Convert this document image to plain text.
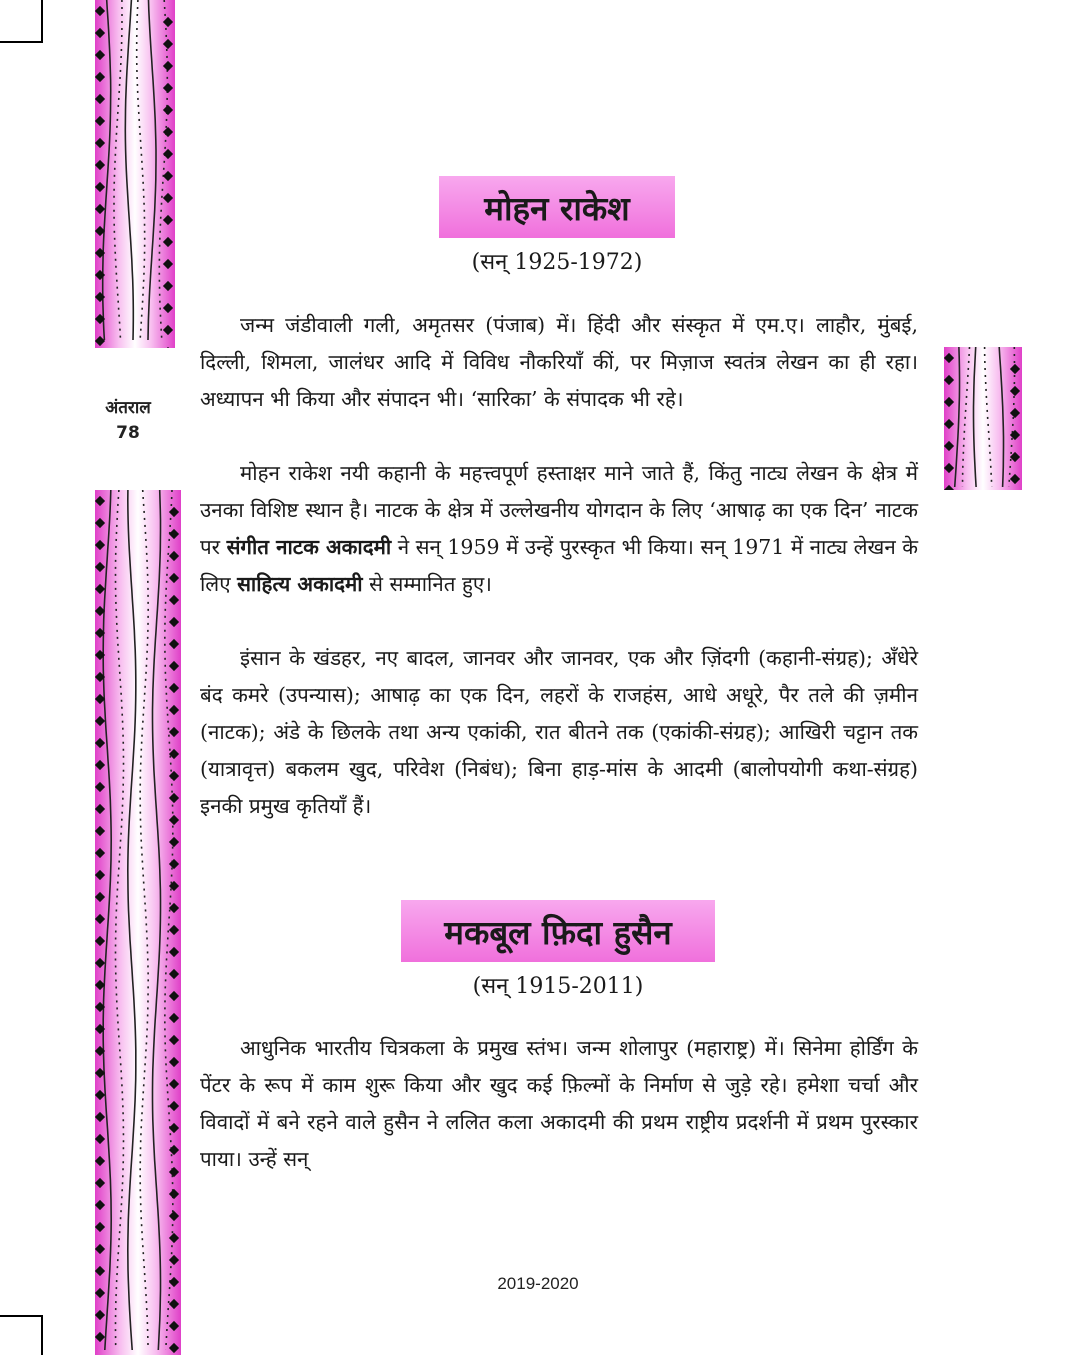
अंतराल
78
मोहन राकेश
(सन् 1925-1972)

जन्म जंडीवाली गली, अमृतसर (पंजाब) में। हिंदी और संस्कृत में एम.ए। लाहौर, मुंबई, दिल्ली, शिमला, जालंधर आदि में विविध नौकरियाँ कीं, पर मिज़ाज स्वतंत्र लेखन का ही रहा। अध्यापन भी किया और संपादन भी। ‘सारिका’ के संपादक भी रहे।

मोहन राकेश नयी कहानी के महत्त्वपूर्ण हस्ताक्षर माने जाते हैं, किंतु नाट्य लेखन के क्षेत्र में उनका विशिष्ट स्थान है। नाटक के क्षेत्र में उल्लेखनीय योगदान के लिए ‘आषाढ़ का एक दिन’ नाटक पर संगीत नाटक अकादमी ने सन् 1959 में उन्हें पुरस्कृत भी किया। सन् 1971 में नाट्य लेखन के लिए साहित्य अकादमी से सम्मानित हुए।

इंसान के खंडहर, नए बादल, जानवर और जानवर, एक और ज़िंदगी (कहानी-संग्रह); अँधेरे बंद कमरे (उपन्यास); आषाढ़ का एक दिन, लहरों के राजहंस, आधे अधूरे, पैर तले की ज़मीन (नाटक); अंडे के छिलके तथा अन्य एकांकी, रात बीतने तक (एकांकी-संग्रह); आखिरी चट्टान तक (यात्रावृत्त) बकलम खुद, परिवेश (निबंध); बिना हाड़-मांस के आदमी (बालोपयोगी कथा-संग्रह) इनकी प्रमुख कृतियाँ हैं।

मकबूल फ़िदा हुसैन
(सन् 1915-2011)

आधुनिक भारतीय चित्रकला के प्रमुख स्तंभ। जन्म शोलापुर (महाराष्ट्र) में। सिनेमा होर्डिंग के पेंटर के रूप में काम शुरू किया और खुद कई फ़िल्मों के निर्माण से जुड़े रहे। हमेशा चर्चा और विवादों में बने रहने वाले हुसैन ने ललित कला अकादमी की प्रथम राष्ट्रीय प्रदर्शनी में प्रथम पुरस्कार पाया। उन्हें सन्

2019-2020
